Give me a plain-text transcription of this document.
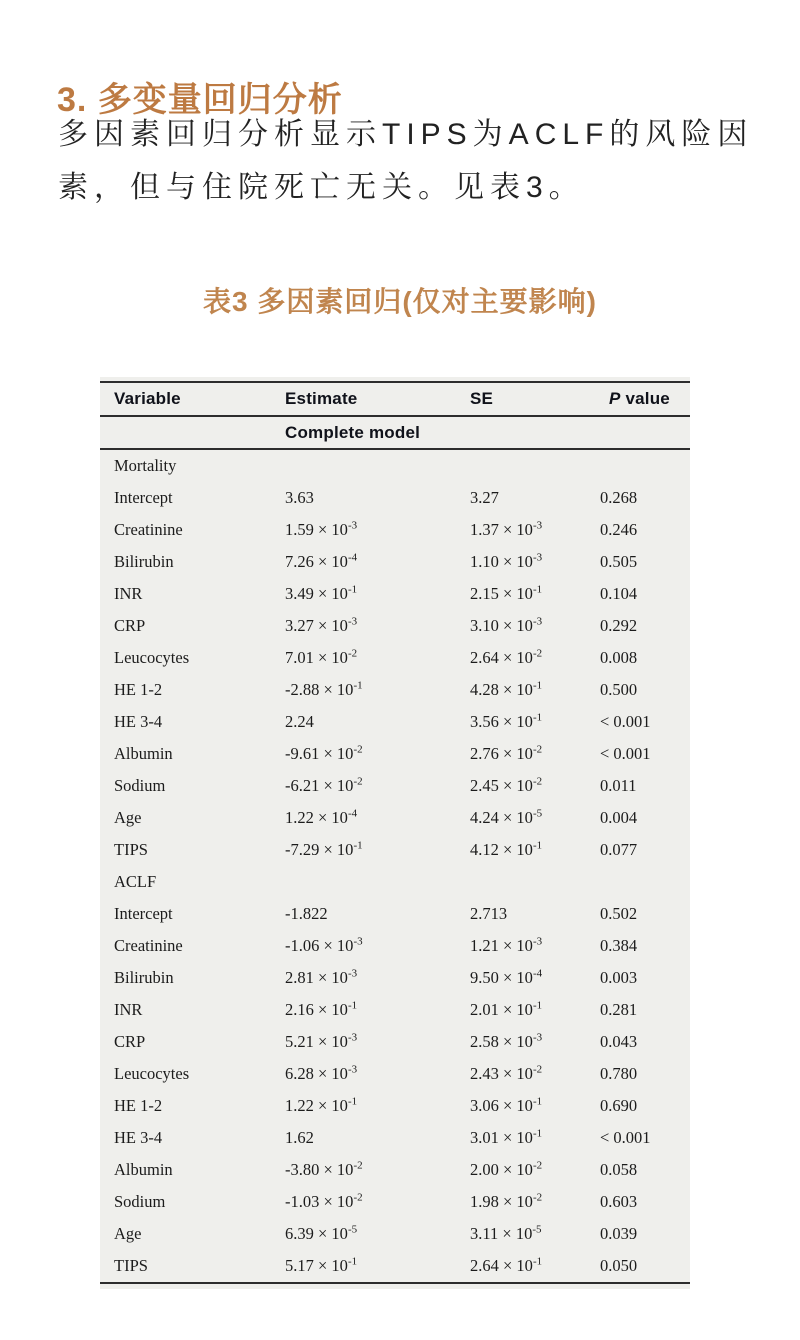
3. 多变量回归分析
多因素回归分析显示TIPS为ACLF的风险因
素，但与住院死亡无关。见表3。
表3 多因素回归(仅对主要影响)
Variable	Estimate	SE	P value
Complete model
Mortality
Intercept	3.63	3.27	0.268
Creatinine	$1.59 \times 10^{-3}$	$1.37 \times 10^{-3}$	0.246
Bilirubin	$7.26 \times 10^{-4}$	$1.10 \times 10^{-3}$	0.505
INR	$3.49 \times 10^{-1}$	$2.15 \times 10^{-1}$	0.104
CRP	$3.27 \times 10^{-3}$	$3.10 \times 10^{-3}$	0.292
Leucocytes	$7.01 \times 10^{-2}$	$2.64 \times 10^{-2}$	0.008
HE 1-2	$-2.88 \times 10^{-1}$	$4.28 \times 10^{-1}$	0.500
HE 3-4	2.24	$3.56 \times 10^{-1}$	< 0.001
Albumin	$-9.61 \times 10^{-2}$	$2.76 \times 10^{-2}$	< 0.001
Sodium	$-6.21 \times 10^{-2}$	$2.45 \times 10^{-2}$	0.011
Age	$1.22 \times 10^{-4}$	$4.24 \times 10^{-5}$	0.004
TIPS	$-7.29 \times 10^{-1}$	$4.12 \times 10^{-1}$	0.077
ACLF
Intercept	-1.822	2.713	0.502
Creatinine	$-1.06 \times 10^{-3}$	$1.21 \times 10^{-3}$	0.384
Bilirubin	$2.81 \times 10^{-3}$	$9.50 \times 10^{-4}$	0.003
INR	$2.16 \times 10^{-1}$	$2.01 \times 10^{-1}$	0.281
CRP	$5.21 \times 10^{-3}$	$2.58 \times 10^{-3}$	0.043
Leucocytes	$6.28 \times 10^{-3}$	$2.43 \times 10^{-2}$	0.780
HE 1-2	$1.22 \times 10^{-1}$	$3.06 \times 10^{-1}$	0.690
HE 3-4	1.62	$3.01 \times 10^{-1}$	< 0.001
Albumin	$-3.80 \times 10^{-2}$	$2.00 \times 10^{-2}$	0.058
Sodium	$-1.03 \times 10^{-2}$	$1.98 \times 10^{-2}$	0.603
Age	$6.39 \times 10^{-5}$	$3.11 \times 10^{-5}$	0.039
TIPS	$5.17 \times 10^{-1}$	$2.64 \times 10^{-1}$	0.050
